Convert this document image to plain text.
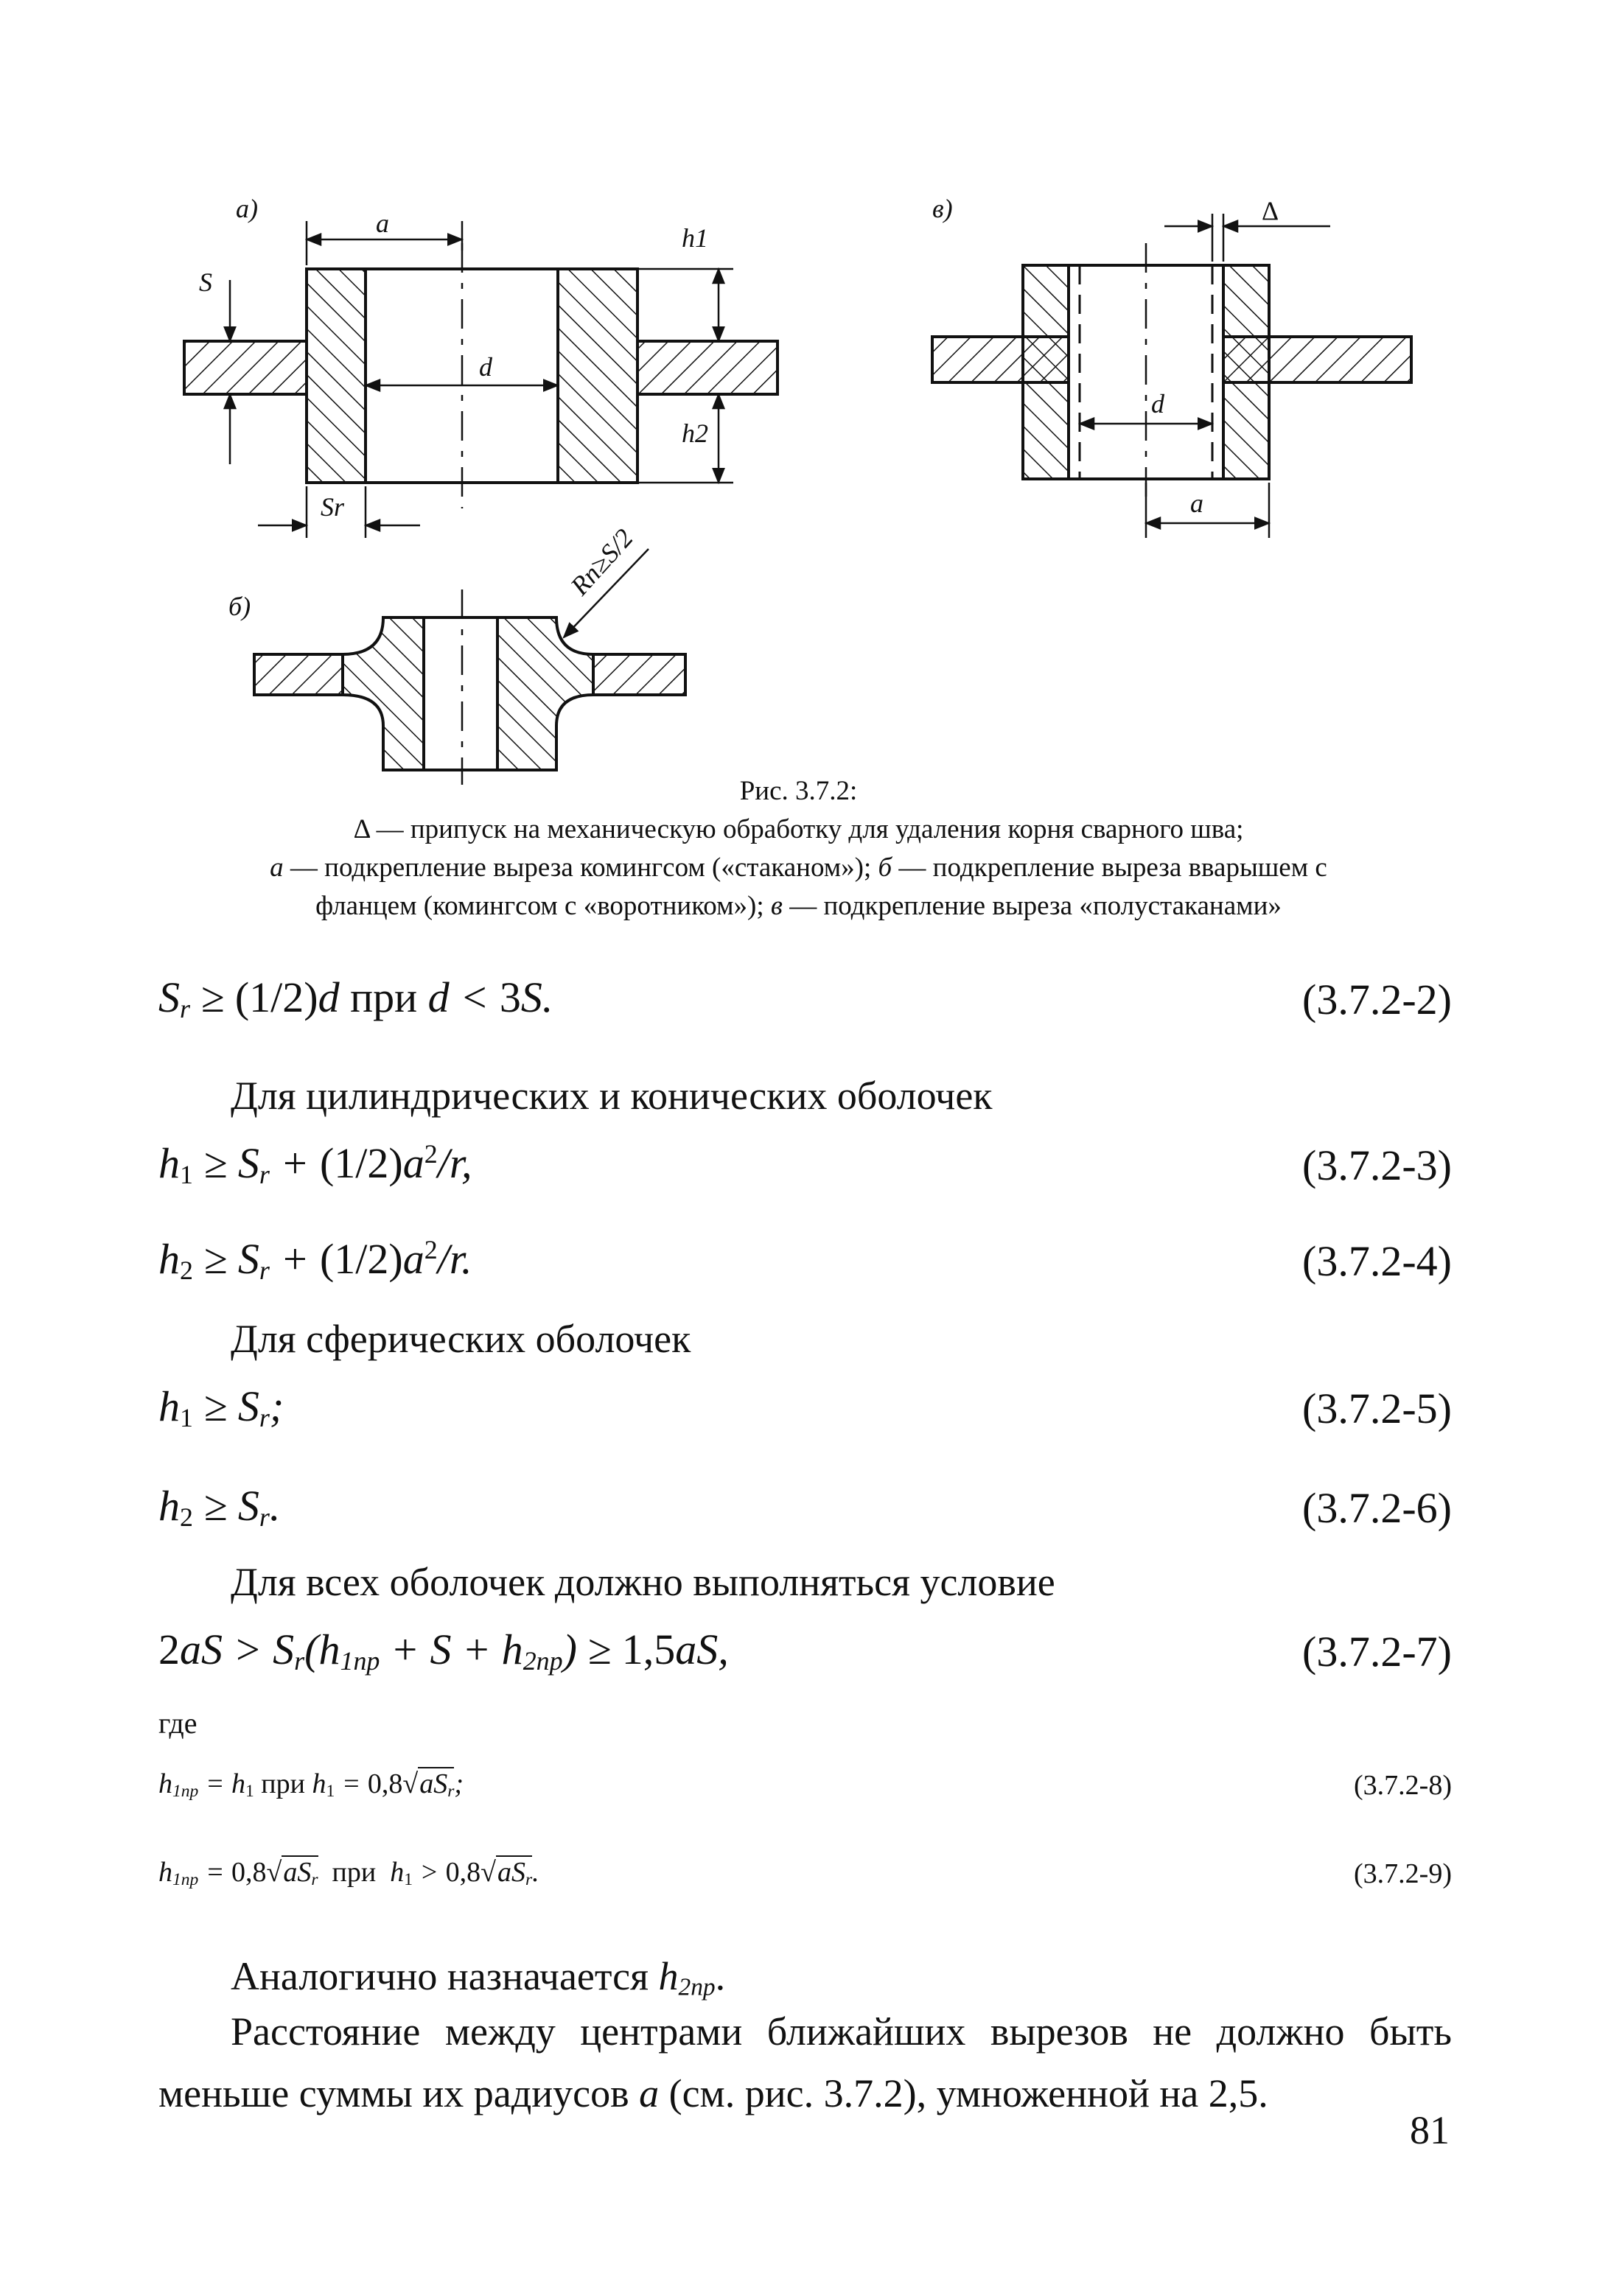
а)	a
d
S
h1
h2
Sr
б)
Rn≥S/2
в)	Δ
d
a
Рис. 3.7.2:
Δ — припуск на механическую обработку для удаления корня сварного шва;
а — подкрепление выреза комингсом («стаканом»); б — подкрепление выреза вварышем с
фланцем (комингсом с «воротником»); в — подкрепление выреза «полустаканами»
$S_r \ge (1/2)d$ при d < 3S.	(3.7.2-2)
Для цилиндрических и конических оболочек
$h_1 \ge S_r + (1/2)a^2/r$,	(3.7.2-3)
$h_2 \ge S_r + (1/2)a^2/r$.	(3.7.2-4)
Для сферических оболочек
$h_1 \ge S_r$;	(3.7.2-5)
$h_2 \ge S_r$.	(3.7.2-6)
Для всех оболочек должно выполняться условие
$2aS > S_r(h_{1пр} + S + h_{2пр}) \ge 1,5aS$,	(3.7.2-7)
где
$h_{1пр} = h_1$ при $h_1 = 0,8√aS_r$;	(3.7.2-8)
$h_{1пр} = 0,8√aS_r$ при  $h_1 > 0,8√aS_r$.	(3.7.2-9)
Аналогично назначается $h_{2пр}$.
Расстояние между центрами ближайших вырезов не должно быть меньше суммы их радиусов а (см. рис. 3.7.2), умноженной на 2,5.
81
